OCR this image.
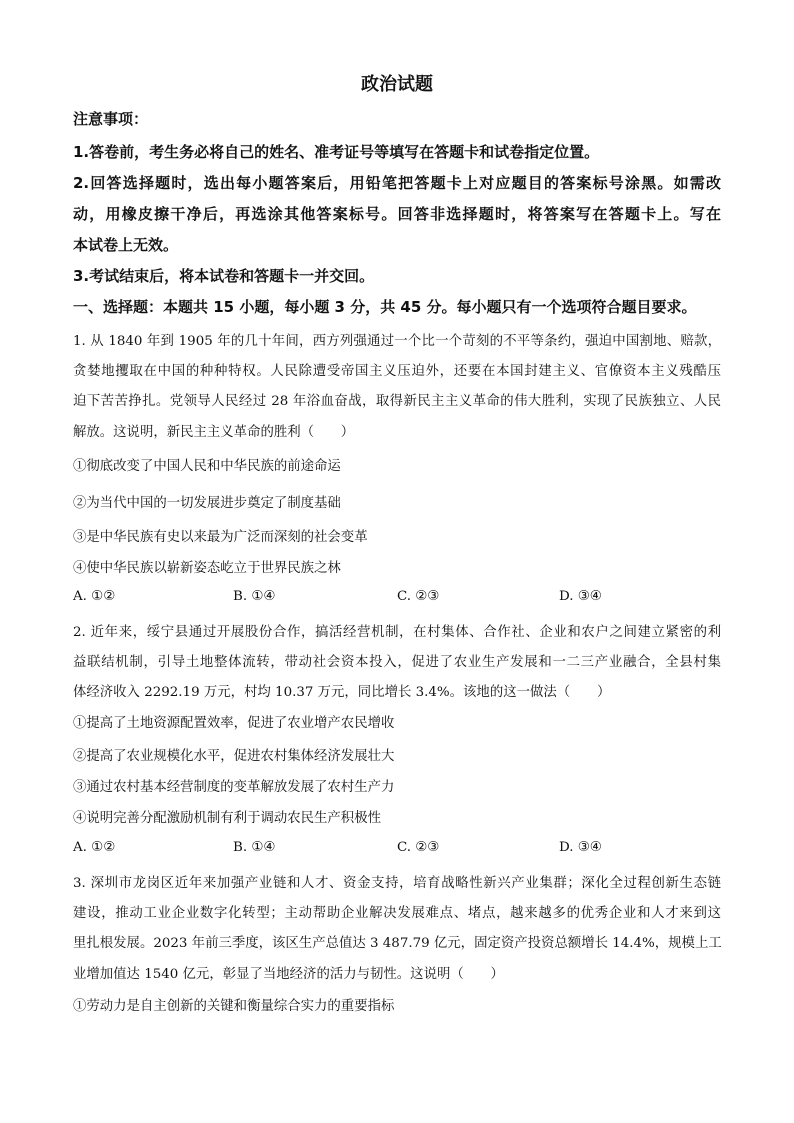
政治试题
注意事项：
1.答卷前，考生务必将自己的姓名、准考证号等填写在答题卡和试卷指定位置。
2.回答选择题时，选出每小题答案后，用铅笔把答题卡上对应题目的答案标号涂黑。如需改
动，用橡皮擦干净后，再选涂其他答案标号。回答非选择题时，将答案写在答题卡上。写在
本试卷上无效。
3.考试结束后，将本试卷和答题卡一并交回。
一、选择题：本题共 15 小题，每小题 3 分，共 45 分。每小题只有一个选项符合题目要求。
1. 从 1840 年到 1905 年的几十年间，西方列强通过一个比一个苛刻的不平等条约，强迫中国割地、赔款，
贪婪地攫取在中国的种种特权。人民除遭受帝国主义压迫外，还要在本国封建主义、官僚资本主义残酷压
迫下苦苦挣扎。党领导人民经过 28 年浴血奋战，取得新民主主义革命的伟大胜利，实现了民族独立、人民
解放。这说明，新民主主义革命的胜利（　　）
①彻底改变了中国人民和中华民族的前途命运
②为当代中国的一切发展进步奠定了制度基础
③是中华民族有史以来最为广泛而深刻的社会变革
④使中华民族以崭新姿态屹立于世界民族之林
A. ①②	B. ①④	C. ②③	D. ③④
2. 近年来，绥宁县通过开展股份合作，搞活经营机制，在村集体、合作社、企业和农户之间建立紧密的利
益联结机制，引导土地整体流转，带动社会资本投入，促进了农业生产发展和一二三产业融合，全县村集
体经济收入 2292.19 万元，村均 10.37 万元，同比增长 3.4%。该地的这一做法（　　）
①提高了土地资源配置效率，促进了农业增产农民增收
②提高了农业规模化水平，促进农村集体经济发展壮大
③通过农村基本经营制度的变革解放发展了农村生产力
④说明完善分配激励机制有利于调动农民生产积极性
A. ①②	B. ①④	C. ②③	D. ③④
3. 深圳市龙岗区近年来加强产业链和人才、资金支持，培育战略性新兴产业集群；深化全过程创新生态链
建设，推动工业企业数字化转型；主动帮助企业解决发展难点、堵点，越来越多的优秀企业和人才来到这
里扎根发展。2023 年前三季度，该区生产总值达 3 487.79 亿元，固定资产投资总额增长 14.4%，规模上工
业增加值达 1540 亿元，彰显了当地经济的活力与韧性。这说明（　　）
①劳动力是自主创新的关键和衡量综合实力的重要指标
